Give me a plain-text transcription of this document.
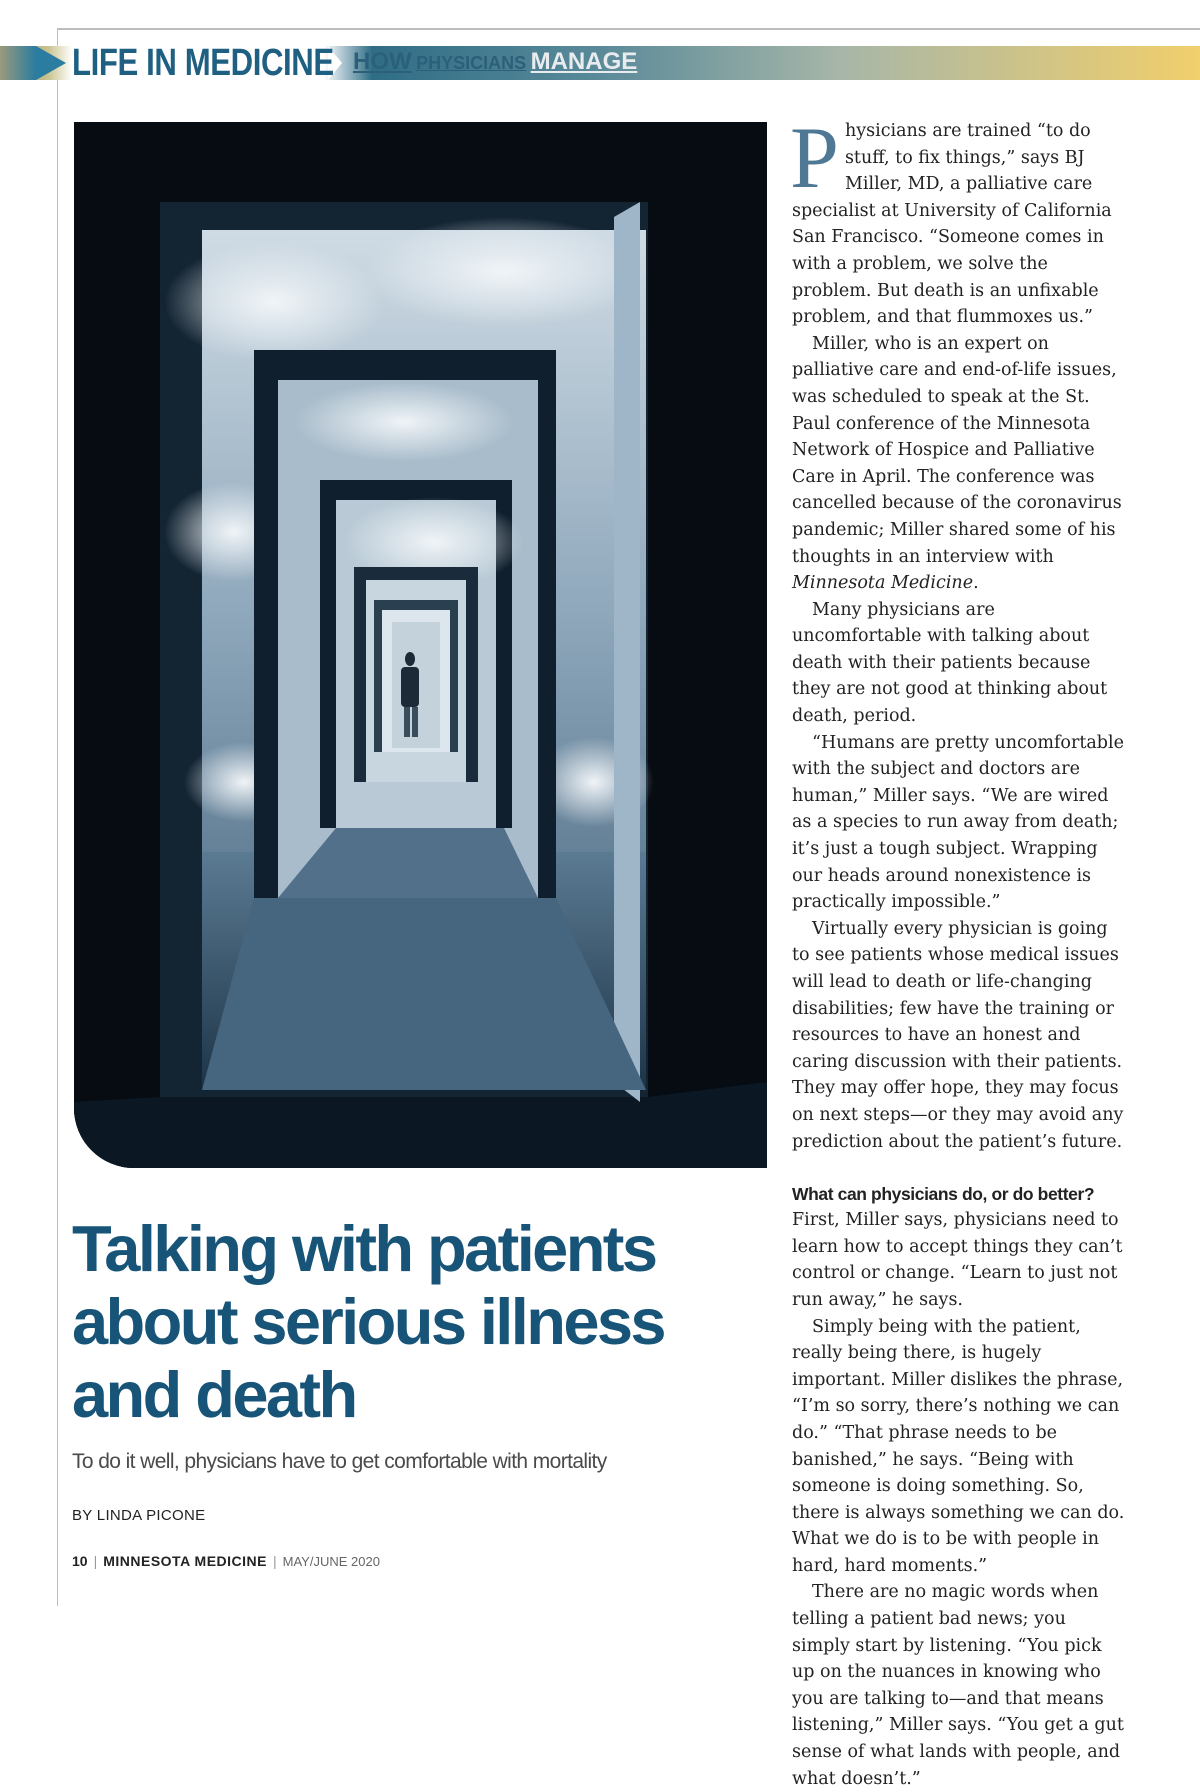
LIFE IN MEDICINE HOW PHYSICIANS MANAGE
Talking with patients about serious illness and death
To do it well, physicians have to get comfortable with mortality
BY LINDA PICONE
10 | MINNESOTA MEDICINE | MAY/JUNE 2020

Physicians are trained “to do stuff, to fix things,” says BJ Miller, MD, a palliative care specialist at University of California San Francisco. “Someone comes in with a problem, we solve the problem. But death is an unfixable problem, and that flummoxes us.”

Miller, who is an expert on palliative care and end-of-life issues, was scheduled to speak at the St. Paul conference of the Minnesota Network of Hospice and Palliative Care in April. The conference was cancelled because of the coronavirus pandemic; Miller shared some of his thoughts in an interview with Minnesota Medicine.

Many physicians are uncomfortable with talking about death with their patients because they are not good at thinking about death, period.

“Humans are pretty uncomfortable with the subject and doctors are human,” Miller says. “We are wired as a species to run away from death; it’s just a tough subject. Wrapping our heads around nonexistence is practically impossible.”

Virtually every physician is going to see patients whose medical issues will lead to death or life-changing disabilities; few have the training or resources to have an honest and caring discussion with their patients. They may offer hope, they may focus on next steps—or they may avoid any prediction about the patient’s future.

What can physicians do, or do better?

First, Miller says, physicians need to learn how to accept things they can’t control or change. “Learn to just not run away,” he says.

Simply being with the patient, really being there, is hugely important. Miller dislikes the phrase, “I’m so sorry, there’s nothing we can do.” “That phrase needs to be banished,” he says. “Being with someone is doing something. So, there is always something we can do. What we do is to be with people in hard, hard moments.”

There are no magic words when telling a patient bad news; you simply start by listening. “You pick up on the nuances in knowing who you are talking to—and that means listening,” Miller says. “You get a gut sense of what lands with people, and what doesn’t.”
